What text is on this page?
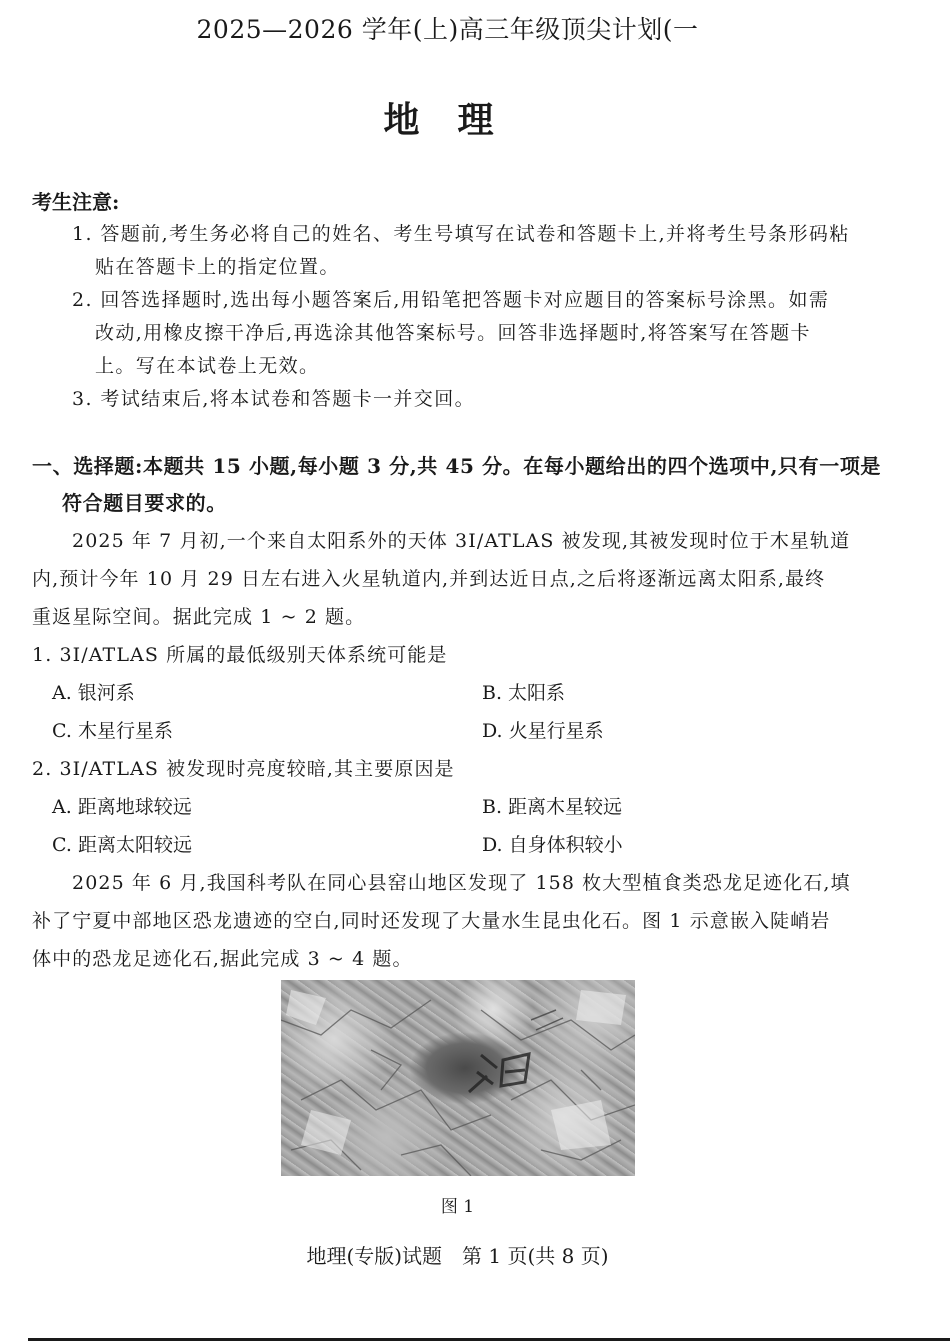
2025—2026 学年(上)高三年级顶尖计划(一
地理
考生注意:
1. 答题前,考生务必将自己的姓名、考生号填写在试卷和答题卡上,并将考生号条形码粘
贴在答题卡上的指定位置。
2. 回答选择题时,选出每小题答案后,用铅笔把答题卡对应题目的答案标号涂黑。如需
改动,用橡皮擦干净后,再选涂其他答案标号。回答非选择题时,将答案写在答题卡
上。写在本试卷上无效。
3. 考试结束后,将本试卷和答题卡一并交回。
一、选择题:本题共 15 小题,每小题 3 分,共 45 分。在每小题给出的四个选项中,只有一项是
符合题目要求的。
2025 年 7 月初,一个来自太阳系外的天体 3I/ATLAS 被发现,其被发现时位于木星轨道
内,预计今年 10 月 29 日左右进入火星轨道内,并到达近日点,之后将逐渐远离太阳系,最终
重返星际空间。据此完成 1 ~ 2 题。
1. 3I/ATLAS 所属的最低级别天体系统可能是
A. 银河系	B. 太阳系
C. 木星行星系	D. 火星行星系
2. 3I/ATLAS 被发现时亮度较暗,其主要原因是
A. 距离地球较远	B. 距离木星较远
C. 距离太阳较远	D. 自身体积较小
2025 年 6 月,我国科考队在同心县窑山地区发现了 158 枚大型植食类恐龙足迹化石,填
补了宁夏中部地区恐龙遗迹的空白,同时还发现了大量水生昆虫化石。图 1 示意嵌入陡峭岩
体中的恐龙足迹化石,据此完成 3 ~ 4 题。
图 1
地理(专版)试题　第 1 页(共 8 页)
